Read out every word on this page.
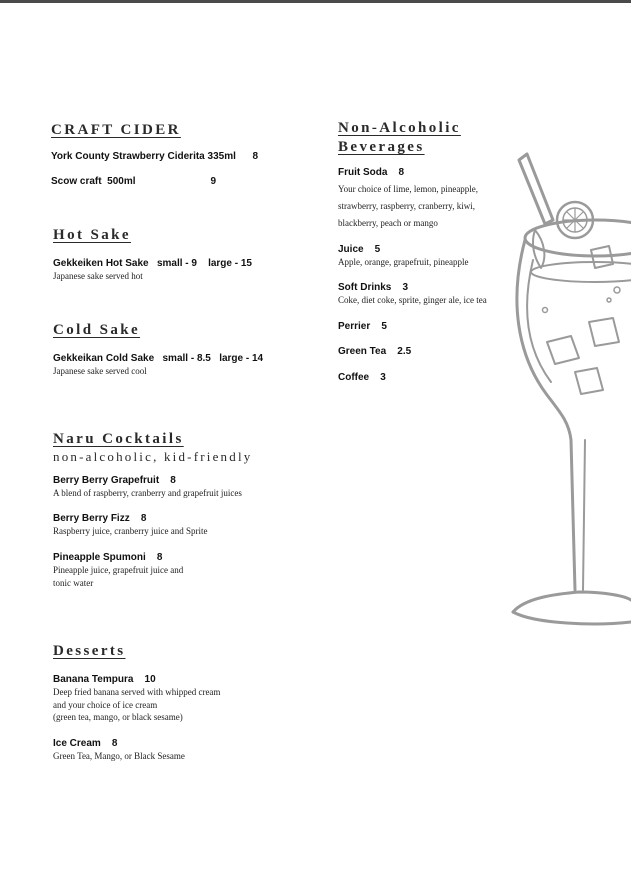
CRAFT CIDER

York County Strawberry Ciderita 335ml      8

Scow craft  500ml                           9

Hot Sake

Gekkeiken Hot Sake   small - 9    large - 15

Japanese sake served hot

Cold Sake

Gekkeikan Cold Sake   small - 8.5   large - 14

Japanese sake served cool

Naru Cocktails

non-alcoholic, kid-friendly

Berry Berry Grapefruit    8

A blend of raspberry, cranberry and grapefruit juices

Berry Berry Fizz    8

Raspberry juice, cranberry juice and Sprite

Pineapple Spumoni    8

Pineapple juice, grapefruit juice and
tonic water

Desserts

Banana Tempura    10

Deep fried banana served with whipped cream
and your choice of ice cream
(green tea, mango, or black sesame)

Ice Cream    8

Green Tea, Mango, or Black Sesame

Non-Alcoholic
Beverages

Fruit Soda    8

Your choice of lime, lemon, pineapple,
strawberry, raspberry, cranberry, kiwi,
blackberry, peach or mango

Juice    5

Apple, orange, grapefruit, pineapple

Soft Drinks    3

Coke, diet coke, sprite, ginger ale, ice tea

Perrier    5

Green Tea    2.5

Coffee    3
